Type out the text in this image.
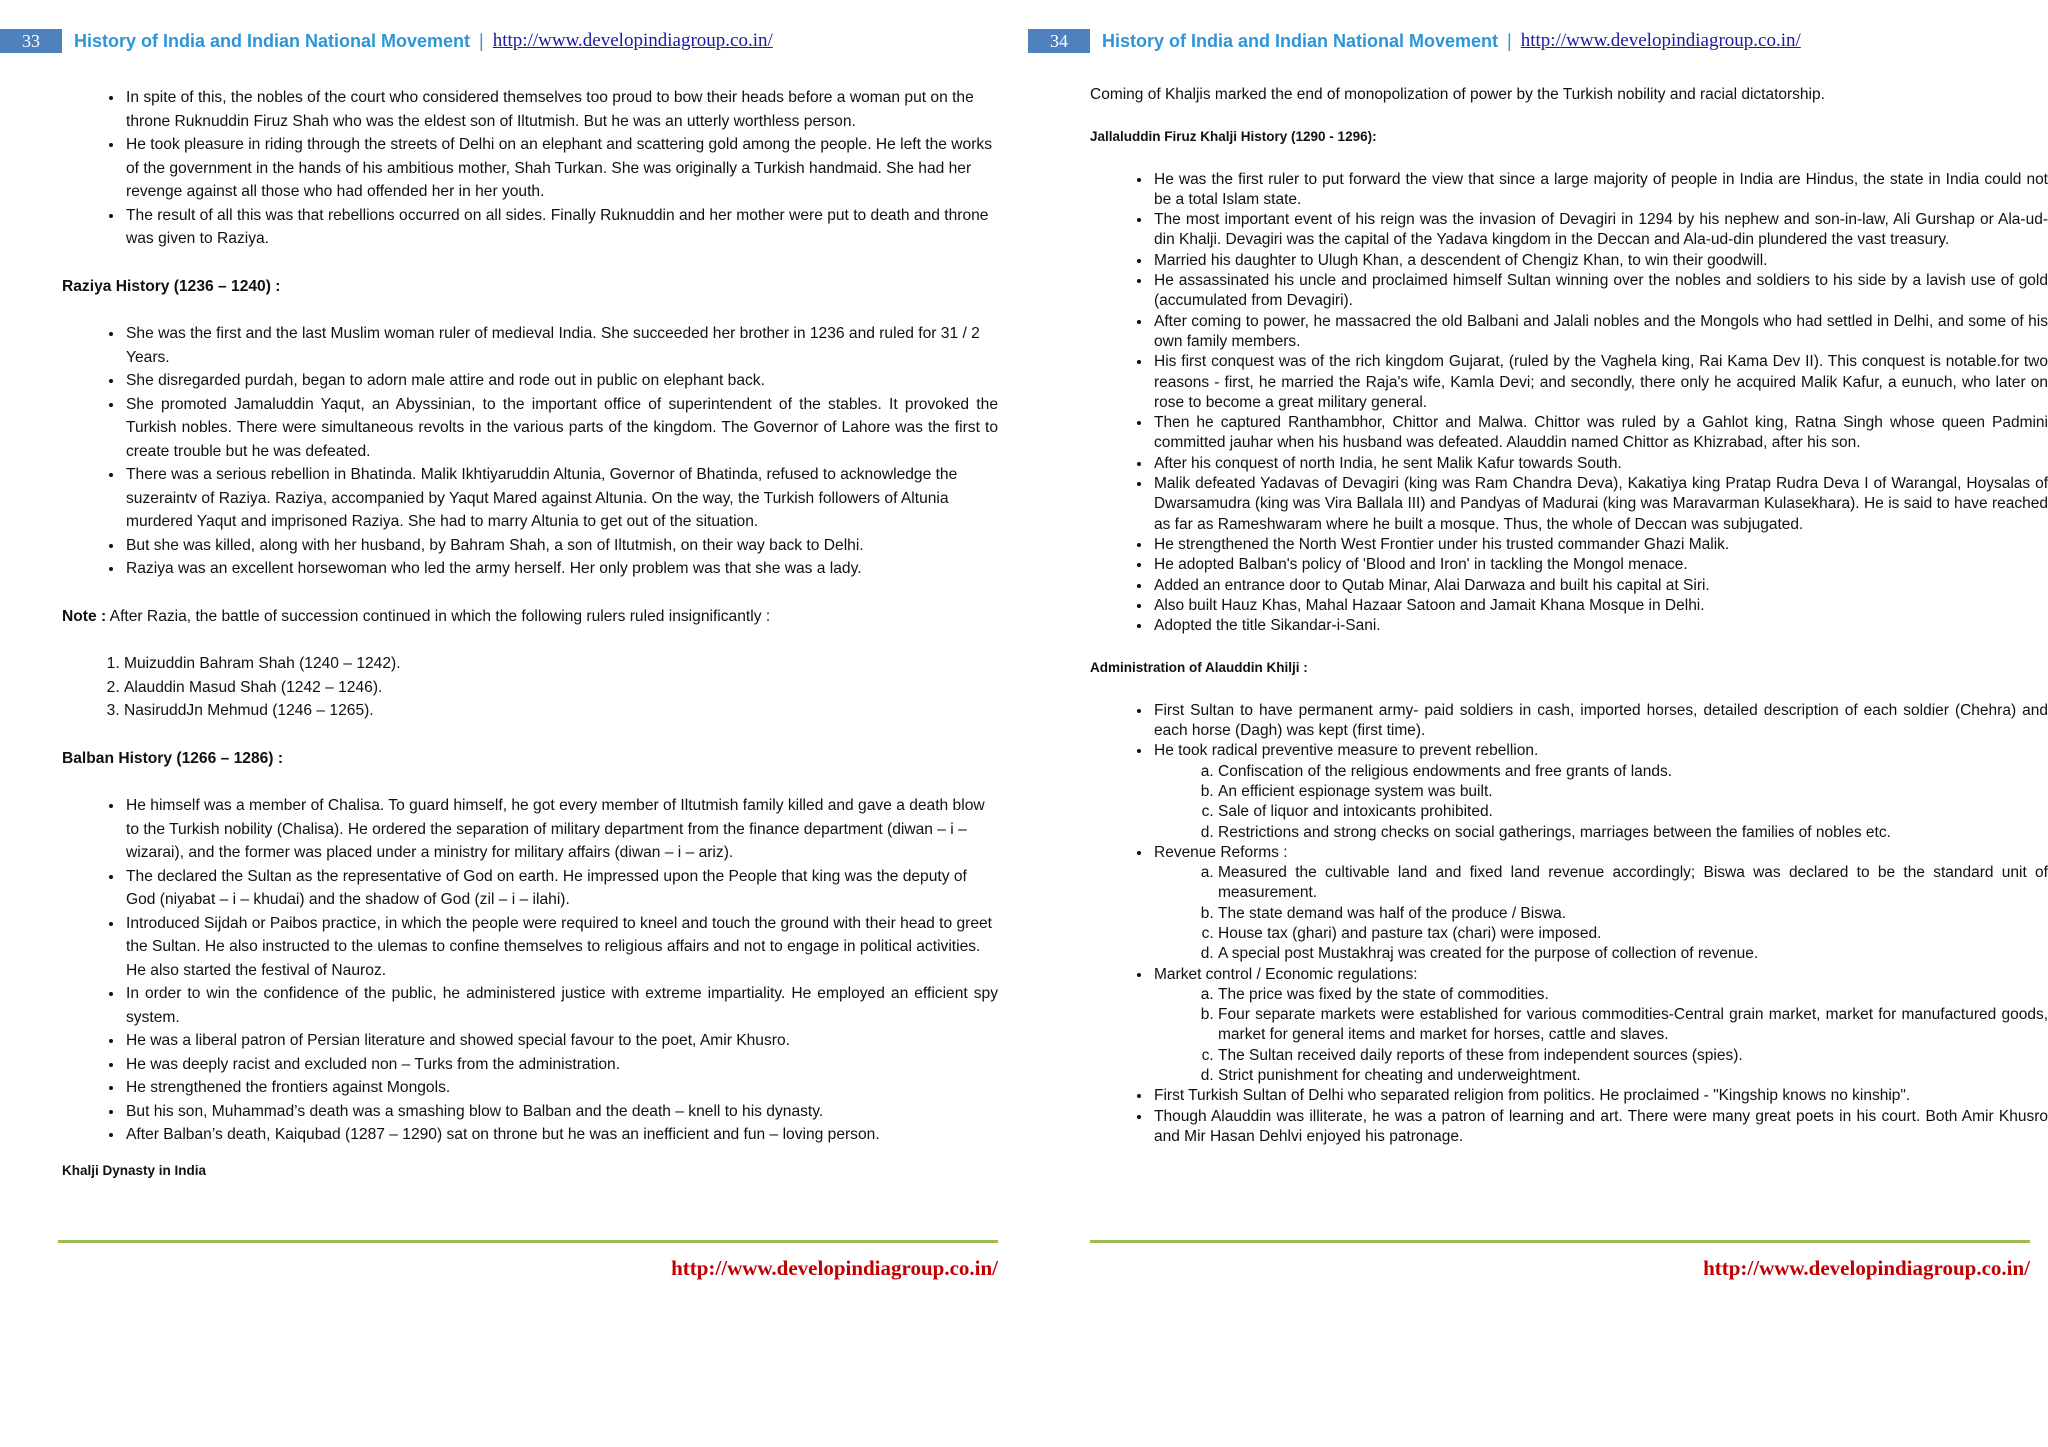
33	History of India and Indian National Movement | http://www.developindiagroup.co.in/
• In spite of this, the nobles of the court who considered themselves too proud to bow their heads before a woman put on the throne Ruknuddin Firuz Shah who was the eldest son of Iltutmish. But he was an utterly worthless person.
• He took pleasure in riding through the streets of Delhi on an elephant and scattering gold among the people. He left the works of the government in the hands of his ambitious mother, Shah Turkan. She was originally a Turkish handmaid. She had her revenge against all those who had offended her in her youth.
• The result of all this was that rebellions occurred on all sides. Finally Ruknuddin and her mother were put to death and throne was given to Raziya.

Raziya History (1236 – 1240) :

• She was the first and the last Muslim woman ruler of medieval India. She succeeded her brother in 1236 and ruled for 31 / 2 Years.
• She disregarded purdah, began to adorn male attire and rode out in public on elephant back.
• She promoted Jamaluddin Yaqut, an Abyssinian, to the important office of superintendent of the stables. It provoked the Turkish nobles. There were simultaneous revolts in the various parts of the kingdom. The Governor of Lahore was the first to create trouble but he was defeated.
• There was a serious rebellion in Bhatinda. Malik Ikhtiyaruddin Altunia, Governor of Bhatinda, refused to acknowledge the suzeraintv of Raziya. Raziya, accompanied by Yaqut Mared against Altunia. On the way, the Turkish followers of Altunia murdered Yaqut and imprisoned Raziya. She had to marry Altunia to get out of the situation.
• But she was killed, along with her husband, by Bahram Shah, a son of Iltutmish, on their way back to Delhi.
• Raziya was an excellent horsewoman who led the army herself. Her only problem was that she was a lady.

Note : After Razia, the battle of succession continued in which the following rulers ruled insignificantly :

1. Muizuddin Bahram Shah (1240 – 1242).
2. Alauddin Masud Shah (1242 – 1246).
3. NasiruddJn Mehmud (1246 – 1265).

Balban History (1266 – 1286) :

• He himself was a member of Chalisa. To guard himself, he got every member of Iltutmish family killed and gave a death blow to the Turkish nobility (Chalisa). He ordered the separation of military department from the finance department (diwan – i – wizarai), and the former was placed under a ministry for military affairs (diwan – i – ariz).
• The declared the Sultan as the representative of God on earth. He impressed upon the People that king was the deputy of God (niyabat – i – khudai) and the shadow of God (zil – i – ilahi).
• Introduced Sijdah or Paibos practice, in which the people were required to kneel and touch the ground with their head to greet the Sultan. He also instructed to the ulemas to confine themselves to religious affairs and not to engage in political activities. He also started the festival of Nauroz.
• In order to win the confidence of the public, he administered justice with extreme impartiality. He employed an efficient spy system.
• He was a liberal patron of Persian literature and showed special favour to the poet, Amir Khusro.
• He was deeply racist and excluded non – Turks from the administration.
• He strengthened the frontiers against Mongols.
• But his son, Muhammad’s death was a smashing blow to Balban and the death – knell to his dynasty.
• After Balban’s death, Kaiqubad (1287 – 1290) sat on throne but he was an inefficient and fun – loving person.

Khalji Dynasty in India

http://www.developindiagroup.co.in/
34	History of India and Indian National Movement | http://www.developindiagroup.co.in/

Coming of Khaljis marked the end of monopolization of power by the Turkish nobility and racial dictatorship.

Jallaluddin Firuz Khalji History (1290 - 1296):

• He was the first ruler to put forward the view that since a large majority of people in India are Hindus, the state in India could not be a total Islam state.
• The most important event of his reign was the invasion of Devagiri in 1294 by his nephew and son-in-law, Ali Gurshap or Ala-ud-din Khalji. Devagiri was the capital of the Yadava kingdom in the Deccan and Ala-ud-din plundered the vast treasury.
• Married his daughter to Ulugh Khan, a descendent of Chengiz Khan, to win their goodwill.
• He assassinated his uncle and proclaimed himself Sultan winning over the nobles and soldiers to his side by a lavish use of gold (accumulated from Devagiri).
• After coming to power, he massacred the old Balbani and Jalali nobles and the Mongols who had settled in Delhi, and some of his own family members.
• His first conquest was of the rich kingdom Gujarat, (ruled by the Vaghela king, Rai Kama Dev II). This conquest is notable.for two reasons - first, he married the Raja's wife, Kamla Devi; and secondly, there only he acquired Malik Kafur, a eunuch, who later on rose to become a great military general.
• Then he captured Ranthambhor, Chittor and Malwa. Chittor was ruled by a Gahlot king, Ratna Singh whose queen Padmini committed jauhar when his husband was defeated. Alauddin named Chittor as Khizrabad, after his son.
• After his conquest of north India, he sent Malik Kafur towards South.
• Malik defeated Yadavas of Devagiri (king was Ram Chandra Deva), Kakatiya king Pratap Rudra Deva I of Warangal, Hoysalas of Dwarsamudra (king was Vira Ballala III) and Pandyas of Madurai (king was Maravarman Kulasekhara). He is said to have reached as far as Rameshwaram where he built a mosque. Thus, the whole of Deccan was subjugated.
• He strengthened the North West Frontier under his trusted commander Ghazi Malik.
• He adopted Balban's policy of 'Blood and Iron' in tackling the Mongol menace.
• Added an entrance door to Qutab Minar, Alai Darwaza and built his capital at Siri.
• Also built Hauz Khas, Mahal Hazaar Satoon and Jamait Khana Mosque in Delhi.
• Adopted the title Sikandar-i-Sani.

Administration of Alauddin Khilji :

• First Sultan to have permanent army- paid soldiers in cash, imported horses, detailed description of each soldier (Chehra) and each horse (Dagh) was kept (first time).
• He took radical preventive measure to prevent rebellion.
a. Confiscation of the religious endowments and free grants of lands.
b. An efficient espionage system was built.
c. Sale of liquor and intoxicants prohibited.
d. Restrictions and strong checks on social gatherings, marriages between the families of nobles etc.
• Revenue Reforms :
a. Measured the cultivable land and fixed land revenue accordingly; Biswa was declared to be the standard unit of measurement.
b. The state demand was half of the produce / Biswa.
c. House tax (ghari) and pasture tax (chari) were imposed.
d. A special post Mustakhraj was created for the purpose of collection of revenue.
• Market control / Economic regulations:
a. The price was fixed by the state of commodities.
b. Four separate markets were established for various commodities-Central grain market, market for manufactured goods, market for general items and market for horses, cattle and slaves.
c. The Sultan received daily reports of these from independent sources (spies).
d. Strict punishment for cheating and underweightment.
• First Turkish Sultan of Delhi who separated religion from politics. He proclaimed - "Kingship knows no kinship".
• Though Alauddin was illiterate, he was a patron of learning and art. There were many great poets in his court. Both Amir Khusro and Mir Hasan Dehlvi enjoyed his patronage.
http://www.developindiagroup.co.in/
